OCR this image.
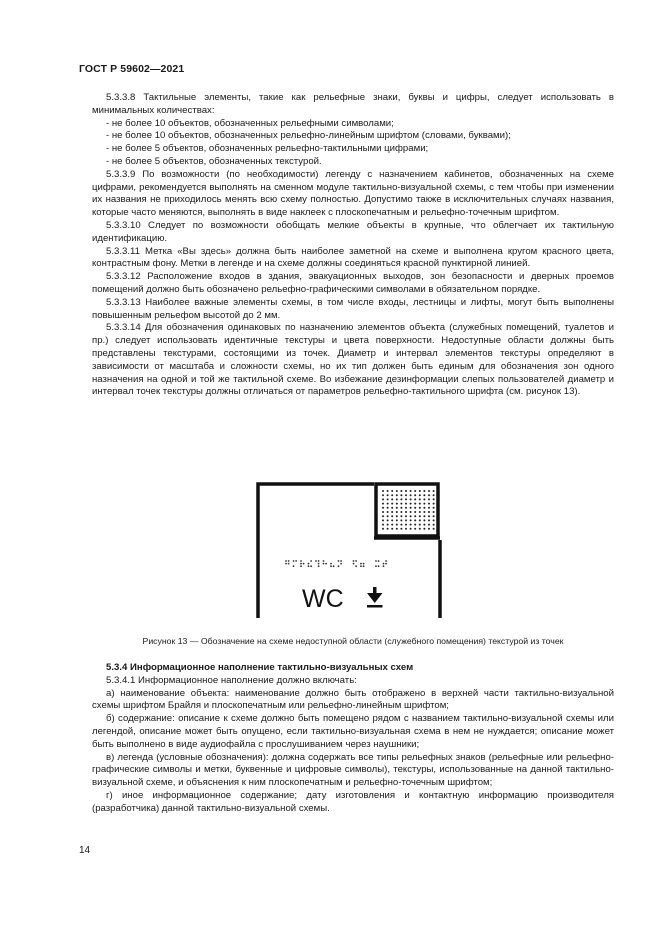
ГОСТ Р 59602—2021

5.3.3.8 Тактильные элементы, такие как рельефные знаки, буквы и цифры, следует использовать в минимальных количествах:

- не более 10 объектов, обозначенных рельефными символами;

- не более 10 объектов, обозначенных рельефно-линейным шрифтом (словами, буквами);

- не более 5 объектов, обозначенных рельефно-тактильными цифрами;

- не более 5 объектов, обозначенных текстурой.

5.3.3.9 По возможности (по необходимости) легенду с назначением кабинетов, обозначенных на схеме цифрами, рекомендуется выполнять на сменном модуле тактильно-визуальной схемы, с тем чтобы при изменении их названия не приходилось менять всю схему полностью. Допустимо также в исключительных случаях названия, которые часто меняются, выполнять в виде наклеек с плоскопечатным и рельефно-точечным шрифтом.

5.3.3.10 Следует по возможности обобщать мелкие объекты в крупные, что облегчает их тактильную идентификацию.

5.3.3.11 Метка «Вы здесь» должна быть наиболее заметной на схеме и выполнена кругом красного цвета, контрастным фону. Метки в легенде и на схеме должны соединяться красной пунктирной линией.

5.3.3.12 Расположение входов в здания, эвакуационных выходов, зон безопасности и дверных проемов помещений должно быть обозначено рельефно-графическими символами в обязательном порядке.

5.3.3.13 Наиболее важные элементы схемы, в том числе входы, лестницы и лифты, могут быть выполнены повышенным рельефом высотой до 2 мм.

5.3.3.14 Для обозначения одинаковых по назначению элементов объекта (служебных помещений, туалетов и пр.) следует использовать идентичные текстуры и цвета поверхности. Недоступные области должны быть представлены текстурами, состоящими из точек. Диаметр и интервал элементов текстуры определяют в зависимости от масштаба и сложности схемы, но их тип должен быть единым для обозначения зон одного назначения на одной и той же тактильной схеме. Во избежание дезинформации слепых пользователей диаметр и интервал точек текстуры должны отличаться от параметров рельефно-тактильного шрифта (см. рисунок 13).

WC
Рисунок 13 — Обозначение на схеме недоступной области (служебного помещения) текстурой из точек

5.3.4 Информационное наполнение тактильно-визуальных схем

5.3.4.1 Информационное наполнение должно включать:

а) наименование объекта: наименование должно быть отображено в верхней части тактильно-визуальной схемы шрифтом Брайля и плоскопечатным или рельефно-линейным шрифтом;

б) содержание: описание к схеме должно быть помещено рядом с названием тактильно-визуальной схемы или легендой, описание может быть опущено, если тактильно-визуальная схема в нем не нуждается; описание может быть выполнено в виде аудиофайла с прослушиванием через наушники;

в) легенда (условные обозначения): должна содержать все типы рельефных знаков (рельефные или рельефно-графические символы и метки, буквенные и цифровые символы), текстуры, использованные на данной тактильно-визуальной схеме, и объяснения к ним плоскопечатным и рельефно-точечным шрифтом;

г) иное информационное содержание; дату изготовления и контактную информацию производителя (разработчика) данной тактильно-визуальной схемы.

14
